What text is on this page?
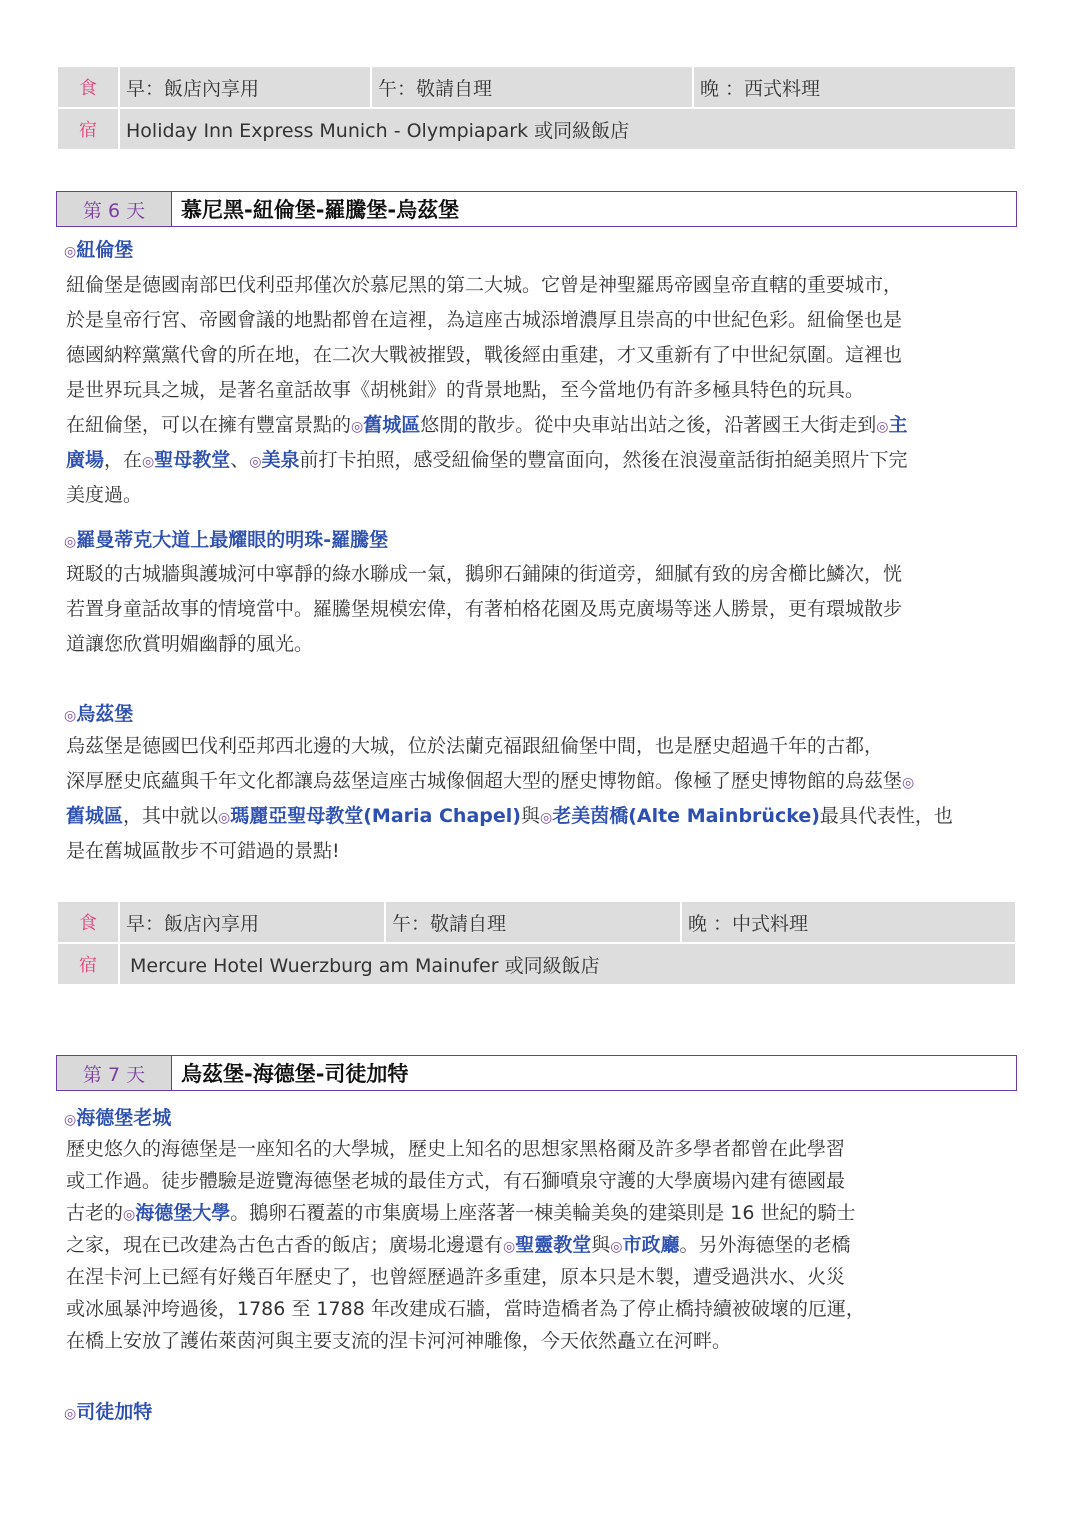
食	早：飯店內享用	午：敬請自理	晚 ：西式料理
宿	Holiday Inn Express Munich - Olympiapark 或同級飯店		
第 6 天	慕尼黑-紐倫堡-羅騰堡-烏茲堡
◎紐倫堡
紐倫堡是德國南部巴伐利亞邦僅次於慕尼黑的第二大城。它曾是神聖羅馬帝國皇帝直轄的重要城市，
於是皇帝行宮、帝國會議的地點都曾在這裡，為這座古城添增濃厚且崇高的中世紀色彩。紐倫堡也是
德國納粹黨黨代會的所在地，在二次大戰被摧毀，戰後經由重建，才又重新有了中世紀氛圍。這裡也
是世界玩具之城，是著名童話故事《胡桃鉗》的背景地點，至今當地仍有許多極具特色的玩具。
在紐倫堡，可以在擁有豐富景點的◎舊城區悠閒的散步。從中央車站出站之後，沿著國王大街走到◎主
廣場，在◎聖母教堂、◎美泉前打卡拍照，感受紐倫堡的豐富面向，然後在浪漫童話街拍絕美照片下完
美度過。
◎羅曼蒂克大道上最耀眼的明珠-羅騰堡
斑駁的古城牆與護城河中寧靜的綠水聯成一氣，鵝卵石鋪陳的街道旁，細膩有致的房舍櫛比鱗次，恍
若置身童話故事的情境當中。羅騰堡規模宏偉，有著柏格花園及馬克廣場等迷人勝景，更有環城散步
道讓您欣賞明媚幽靜的風光。
◎烏茲堡
烏茲堡是德國巴伐利亞邦西北邊的大城，位於法蘭克福跟紐倫堡中間，也是歷史超過千年的古都，
深厚歷史底蘊與千年文化都讓烏茲堡這座古城像個超大型的歷史博物館。像極了歷史博物館的烏茲堡◎
舊城區，其中就以◎瑪麗亞聖母教堂(Maria Chapel)與◎老美茵橋(Alte Mainbrücke)最具代表性，也
是在舊城區散步不可錯過的景點!
食	早：飯店內享用	午：敬請自理	晚 ：中式料理
宿	Mercure Hotel Wuerzburg am Mainufer 或同級飯店		
第 7 天	烏茲堡-海德堡-司徒加特
◎海德堡老城
歷史悠久的海德堡是一座知名的大學城，歷史上知名的思想家黑格爾及許多學者都曾在此學習
或工作過。徒步體驗是遊覽海德堡老城的最佳方式，有石獅噴泉守護的大學廣場內建有德國最
古老的◎海德堡大學。鵝卵石覆蓋的市集廣場上座落著一棟美輪美奐的建築則是 16 世紀的騎士
之家，現在已改建為古色古香的飯店；廣場北邊還有◎聖靈教堂與◎市政廳。另外海德堡的老橋
在涅卡河上已經有好幾百年歷史了，也曾經歷過許多重建，原本只是木製，遭受過洪水、火災
或冰風暴沖垮過後，1786 至 1788 年改建成石牆，當時造橋者為了停止橋持續被破壞的厄運，
在橋上安放了護佑萊茵河與主要支流的涅卡河河神雕像，今天依然矗立在河畔。
◎司徒加特
